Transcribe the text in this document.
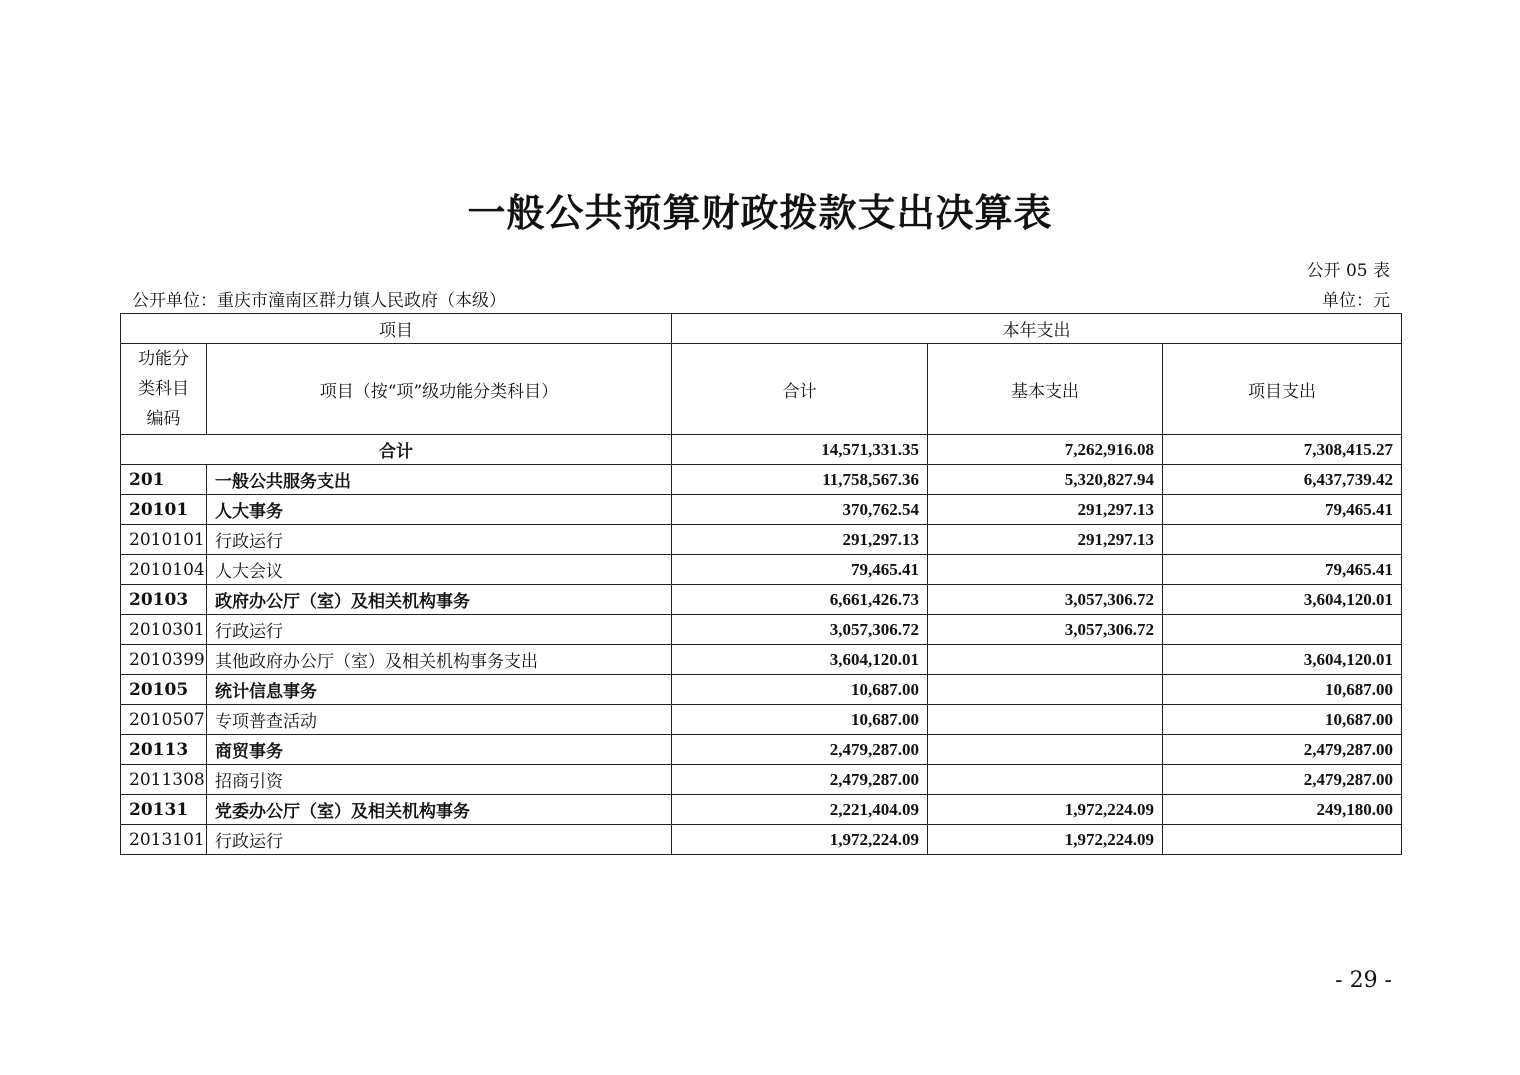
一般公共预算财政拨款支出决算表
公开 05 表
公开单位：重庆市潼南区群力镇人民政府（本级）	单位：元
项目		本年支出		

功能分
类科目
编码	项目（按“项”级功能分类科目）	合计	基本支出	项目支出
合计		14,571,331.35	7,262,916.08	7,308,415.27
201	一般公共服务支出	11,758,567.36	5,320,827.94	6,437,739.42
20101	人大事务	370,762.54	291,297.13	79,465.41
2010101	行政运行	291,297.13	291,297.13	
2010104	人大会议	79,465.41		79,465.41
20103	政府办公厅（室）及相关机构事务	6,661,426.73	3,057,306.72	3,604,120.01
2010301	行政运行	3,057,306.72	3,057,306.72	
2010399	其他政府办公厅（室）及相关机构事务支出	3,604,120.01		3,604,120.01
20105	统计信息事务	10,687.00		10,687.00
2010507	专项普查活动	10,687.00		10,687.00
20113	商贸事务	2,479,287.00		2,479,287.00
2011308	招商引资	2,479,287.00		2,479,287.00
20131	党委办公厅（室）及相关机构事务	2,221,404.09	1,972,224.09	249,180.00
2013101	行政运行	1,972,224.09	1,972,224.09	
- 29 -
